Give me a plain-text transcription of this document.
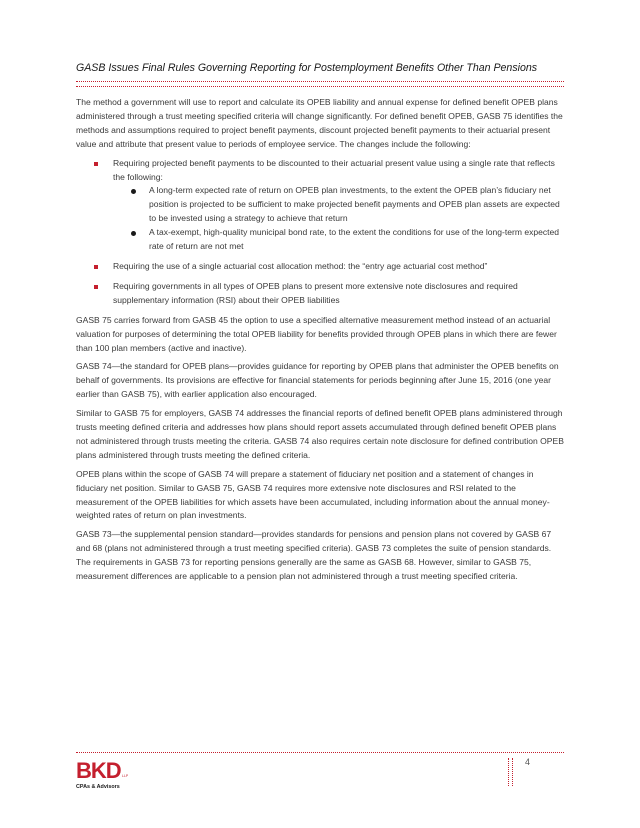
GASB Issues Final Rules Governing Reporting for Postemployment Benefits Other Than Pensions

The method a government will use to report and calculate its OPEB liability and annual expense for defined benefit OPEB plans administered through a trust meeting specified criteria will change significantly. For defined benefit OPEB, GASB 75 identifies the methods and assumptions required to project benefit payments, discount projected benefit payments to their actuarial present value and attribute that present value to periods of employee service. The changes include the following:

Requiring projected benefit payments to be discounted to their actuarial present value using a single rate that reflects the following:
A long-term expected rate of return on OPEB plan investments, to the extent the OPEB plan’s fiduciary net position is projected to be sufficient to make projected benefit payments and OPEB plan assets are expected to be invested using a strategy to achieve that return
A tax-exempt, high-quality municipal bond rate, to the extent the conditions for use of the long-term expected rate of return are not met
Requiring the use of a single actuarial cost allocation method: the “entry age actuarial cost method”
Requiring governments in all types of OPEB plans to present more extensive note disclosures and required supplementary information (RSI) about their OPEB liabilities

GASB 75 carries forward from GASB 45 the option to use a specified alternative measurement method instead of an actuarial valuation for purposes of determining the total OPEB liability for benefits provided through OPEB plans in which there are fewer than 100 plan members (active and inactive).

GASB 74—the standard for OPEB plans—provides guidance for reporting by OPEB plans that administer the OPEB benefits on behalf of governments. Its provisions are effective for financial statements for periods beginning after June 15, 2016 (one year earlier than GASB 75), with earlier application also encouraged.

Similar to GASB 75 for employers, GASB 74 addresses the financial reports of defined benefit OPEB plans administered through trusts meeting defined criteria and addresses how plans should report assets accumulated through defined benefit OPEB plans not administered through trusts meeting the criteria. GASB 74 also requires certain note disclosure for defined contribution OPEB plans administered through trusts meeting the defined criteria.

OPEB plans within the scope of GASB 74 will prepare a statement of fiduciary net position and a statement of changes in fiduciary net position. Similar to GASB 75, GASB 74 requires more extensive note disclosures and RSI related to the measurement of the OPEB liabilities for which assets have been accumulated, including information about the annual money-weighted rates of return on plan investments.

GASB 73—the supplemental pension standard—provides standards for pensions and pension plans not covered by GASB 67 and 68 (plans not administered through a trust meeting specified criteria). GASB 73 completes the suite of pension standards. The requirements in GASB 73 for reporting pensions generally are the same as GASB 68. However, similar to GASB 75, measurement differences are applicable to a pension plan not administered through a trust meeting specified criteria.

4
BKD LLP
CPAs & Advisors
